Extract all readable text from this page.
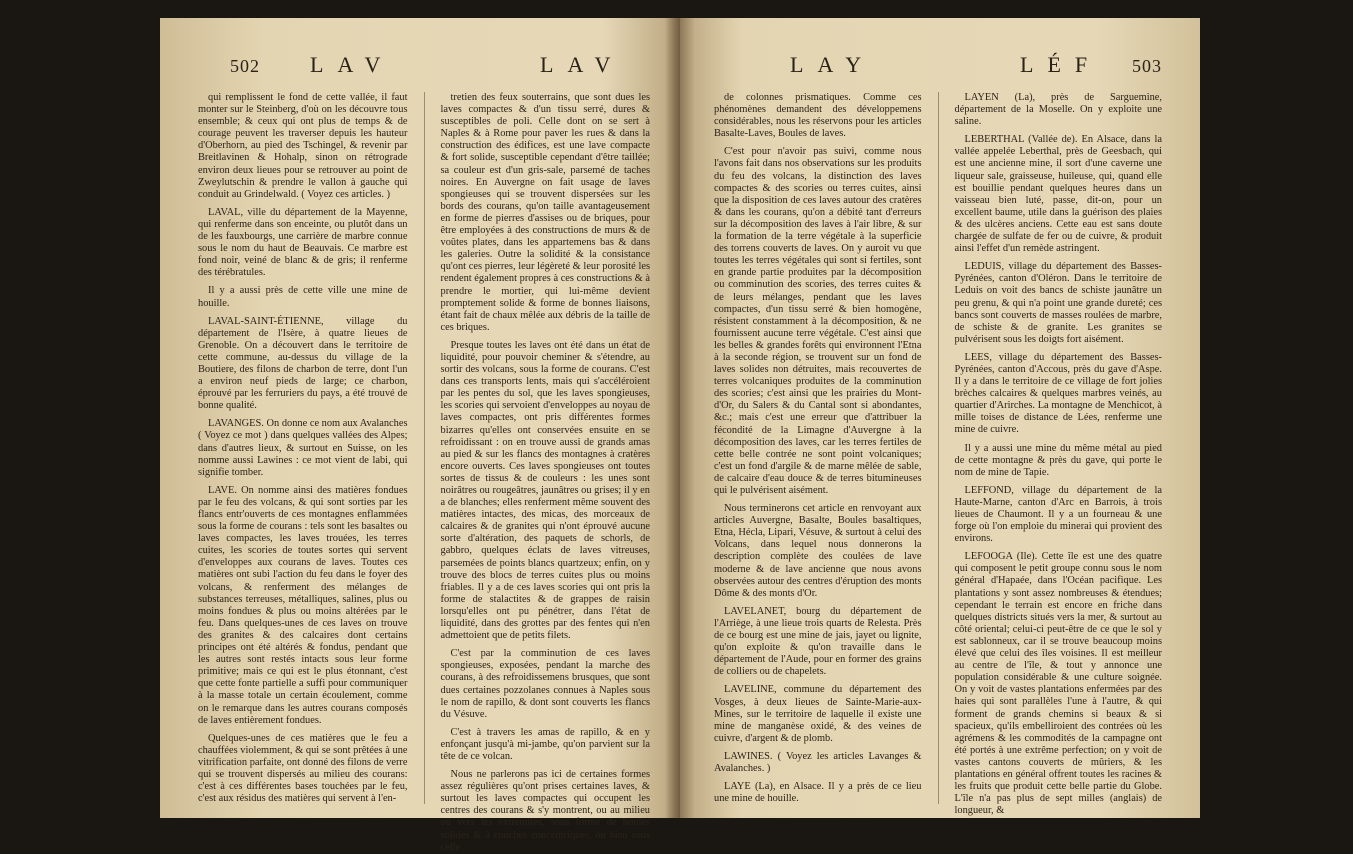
502 LAV	LAV

qui remplissent le fond de cette vallée, il faut monter sur le Steinberg, d'où on les découvre tous ensemble; & ceux qui ont plus de temps & de courage peuvent les traverser depuis les hauteur d'Oberhorn, au pied des Tschingel, & revenir par Breitlavinen & Hohalp, sinon on rétrograde environ deux lieues pour se retrouver au point de Zweylutschin & prendre le vallon à gauche qui conduit au Grindelwald. ( Voyez ces articles. )

LAVAL, ville du département de la Mayenne, qui renferme dans son enceinte, ou plutôt dans un de les fauxbourgs, une carrière de marbre connue sous le nom du haut de Beauvais. Ce marbre est fond noir, veiné de blanc & de gris; il renferme des térébratules.

Il y a aussi près de cette ville une mine de houille.

LAVAL-SAINT-ÉTIENNE, village du département de l'Isère, à quatre lieues de Grenoble. On a découvert dans le territoire de cette commune, au-dessus du village de la Boutiere, des filons de charbon de terre, dont l'un a environ neuf pieds de large; ce charbon, éprouvé par les ferruriers du pays, a été trouvé de bonne qualité.

LAVANGES. On donne ce nom aux Avalanches ( Voyez ce mot ) dans quelques vallées des Alpes; dans d'autres lieux, & surtout en Suisse, on les nomme aussi Lawines : ce mot vient de labi, qui signifie tomber.

LAVE. On nomme ainsi des matières fondues par le feu des volcans, & qui sont sorties par les flancs entr'ouverts de ces montagnes enflammées sous la forme de courans : tels sont les basaltes ou laves compactes, les laves trouées, les terres cuites, les scories de toutes sortes qui servent d'enveloppes aux courans de laves. Toutes ces matières ont subi l'action du feu dans le foyer des volcans, & renferment des mélanges de substances terreuses, métalliques, salines, plus ou moins fondues & plus ou moins altérées par le feu. Dans quelques-unes de ces laves on trouve des granites & des calcaires dont certains principes ont été altérés & fondus, pendant que les autres sont restés intacts sous leur forme primitive; mais ce qui est le plus étonnant, c'est que cette fonte partielle a suffi pour communiquer à la masse totale un certain écoulement, comme on le remarque dans les autres courans composés de laves entièrement fondues.

Quelques-unes de ces matières que le feu a chauffées violemment, & qui se sont prêtées à une vitrification parfaite, ont donné des filons de verre qui se trouvent dispersés au milieu des courans: c'est à ces différentes bases touchées par le feu, c'est aux résidus des matières qui servent à l'en-

tretien des feux souterrains, que sont dues les laves compactes & d'un tissu serré, dures & susceptibles de poli. Celle dont on se sert à Naples & à Rome pour paver les rues & dans la construction des édifices, est une lave compacte & fort solide, susceptible cependant d'être taillée; sa couleur est d'un gris-sale, parsemé de taches noires. En Auvergne on fait usage de laves spongieuses qui se trouvent dispersées sur les bords des courans, qu'on taille avantageusement en forme de pierres d'assises ou de briques, pour être employées à des constructions de murs & de voûtes plates, dans les appartemens bas & dans les galeries. Outre la solidité & la consistance qu'ont ces pierres, leur légèreté & leur porosité les rendent également propres à ces constructions & à prendre le mortier, qui lui-même devient promptement solide & forme de bonnes liaisons, étant fait de chaux mêlée aux débris de la taille de ces briques.

Presque toutes les laves ont été dans un état de liquidité, pour pouvoir cheminer & s'étendre, au sortir des volcans, sous la forme de courans. C'est dans ces transports lents, mais qui s'accéléroient par les pentes du sol, que les laves spongieuses, les scories qui servoient d'enveloppes au noyau de laves compactes, ont pris différentes formes bizarres qu'elles ont conservées ensuite en se refroidissant : on en trouve aussi de grands amas au pied & sur les flancs des montagnes à cratères encore ouverts. Ces laves spongieuses ont toutes sortes de tissus & de couleurs : les unes sont noirâtres ou rougeâtres, jaunâtres ou grises; il y en a de blanches; elles renferment même souvent des matières intactes, des micas, des morceaux de calcaires & de granites qui n'ont éprouvé aucune sorte d'altération, des paquets de schorls, de gabbro, quelques éclats de laves vitreuses, parsemées de points blancs quartzeux; enfin, on y trouve des blocs de terres cuites plus ou moins friables. Il y a de ces laves scories qui ont pris la forme de stalactites & de grappes de raisin lorsqu'elles ont pu pénétrer, dans l'état de liquidité, dans des grottes par des fentes qui n'en admettoient que de petits filets.

C'est par la comminution de ces laves spongieuses, exposées, pendant la marche des courans, à des refroidissemens brusques, que sont dues certaines pozzolanes connues à Naples sous le nom de rapillo, & dont sont couverts les flancs du Vésuve.

C'est à travers les amas de rapillo, & en y enfonçant jusqu'à mi-jambe, qu'on parvient sur la tête de ce volcan.

Nous ne parlerons pas ici de certaines formes assez régulières qu'ont prises certaines laves, & surtout les laves compactes qui occupent les centres des courans & s'y montrent, ou au milieu ou vers les extrémités, sous forme de boules solides & à couches concentriques, ou bien sous celle

LAY	LÉF 503

de colonnes prismatiques. Comme ces phénomènes demandent des développemens considérables, nous les réservons pour les articles Basalte-Laves, Boules de laves.

C'est pour n'avoir pas suivi, comme nous l'avons fait dans nos observations sur les produits du feu des volcans, la distinction des laves compactes & des scories ou terres cuites, ainsi que la disposition de ces laves autour des cratères & dans les courans, qu'on a débité tant d'erreurs sur la décomposition des laves à l'air libre, & sur la formation de la terre végétale à la superficie des torrens couverts de laves. On y auroit vu que toutes les terres végétales qui sont si fertiles, sont en grande partie produites par la décomposition ou comminution des scories, des terres cuites & de leurs mélanges, pendant que les laves compactes, d'un tissu serré & bien homogène, résistent constamment à la décomposition, & ne fournissent aucune terre végétale. C'est ainsi que les belles & grandes forêts qui environnent l'Etna à la seconde région, se trouvent sur un fond de laves solides non détruites, mais recouvertes de terres volcaniques produites de la comminution des scories; c'est ainsi que les prairies du Mont-d'Or, du Salers & du Cantal sont si abondantes, &c.; mais c'est une erreur que d'attribuer la fécondité de la Limagne d'Auvergne à la décomposition des laves, car les terres fertiles de cette belle contrée ne sont point volcaniques; c'est un fond d'argile & de marne mêlée de sable, de calcaire d'eau douce & de terres bitumineuses qui le pulvérisent aisément.

Nous terminerons cet article en renvoyant aux articles Auvergne, Basalte, Boules basaltiques, Etna, Hécla, Lipari, Vésuve, & surtout à celui des Volcans, dans lequel nous donnerons la description complète des coulées de lave moderne & de lave ancienne que nous avons observées autour des centres d'éruption des monts Dôme & des monts d'Or.

LAVELANET, bourg du département de l'Arriège, à une lieue trois quarts de Relesta. Près de ce bourg est une mine de jais, jayet ou lignite, qu'on exploite & qu'on travaille dans le département de l'Aude, pour en former des grains de colliers ou de chapelets.

LAVELINE, commune du département des Vosges, à deux lieues de Sainte-Marie-aux-Mines, sur le territoire de laquelle il existe une mine de manganèse oxidé, & des veines de cuivre, d'argent & de plomb.

LAWINES. ( Voyez les articles Lavanges & Avalanches. )

LAYE (La), en Alsace. Il y a près de ce lieu une mine de houille.

LAYEN (La), près de Sarguemine, département de la Moselle. On y exploite une saline.

LEBERTHAL (Vallée de). En Alsace, dans la vallée appelée Leberthal, près de Geesbach, qui est une ancienne mine, il sort d'une caverne une liqueur sale, graisseuse, huileuse, qui, quand elle est bouillie pendant quelques heures dans un vaisseau bien luté, passe, dit-on, pour un excellent baume, utile dans la guérison des plaies & des ulcères anciens. Cette eau est sans doute chargée de sulfate de fer ou de cuivre, & produit ainsi l'effet d'un remède astringent.

LEDUIS, village du département des Basses-Pyrénées, canton d'Oléron. Dans le territoire de Leduis on voit des bancs de schiste jaunâtre un peu grenu, & qui n'a point une grande dureté; ces bancs sont couverts de masses roulées de marbre, de schiste & de granite. Les granites se pulvérisent sous les doigts fort aisément.

LEES, village du département des Basses-Pyrénées, canton d'Accous, près du gave d'Aspe. Il y a dans le territoire de ce village de fort jolies brèches calcaires & quelques marbres veinés, au quartier d'Arirches. La montagne de Menchicot, à mille toises de distance de Lées, renferme une mine de cuivre.

Il y a aussi une mine du même métal au pied de cette montagne & près du gave, qui porte le nom de mine de Tapie.

LEFFOND, village du département de la Haute-Marne, canton d'Arc en Barrois, à trois lieues de Chaumont. Il y a un fourneau & une forge où l'on emploie du minerai qui provient des environs.

LEFOOGA (Ile). Cette île est une des quatre qui composent le petit groupe connu sous le nom général d'Hapaée, dans l'Océan pacifique. Les plantations y sont assez nombreuses & étendues; cependant le terrain est encore en friche dans quelques districts situés vers la mer, & surtout au côté oriental; celui-ci peut-être de ce que le sol y est sablonneux, car il se trouve beaucoup moins élevé que celui des îles voisines. Il est meilleur au centre de l'île, & tout y annonce une population considérable & une culture soignée. On y voit de vastes plantations enfermées par des haies qui sont parallèles l'une à l'autre, & qui forment de grands chemins si beaux & si spacieux, qu'ils embelliroient des contrées où les agrémens & les commodités de la campagne ont été portés à une extrême perfection; on y voit de vastes cantons couverts de mûriers, & les plantations en général offrent toutes les racines & les fruits que produit cette belle partie du Globe. L'île n'a pas plus de sept milles (anglais) de longueur, &
